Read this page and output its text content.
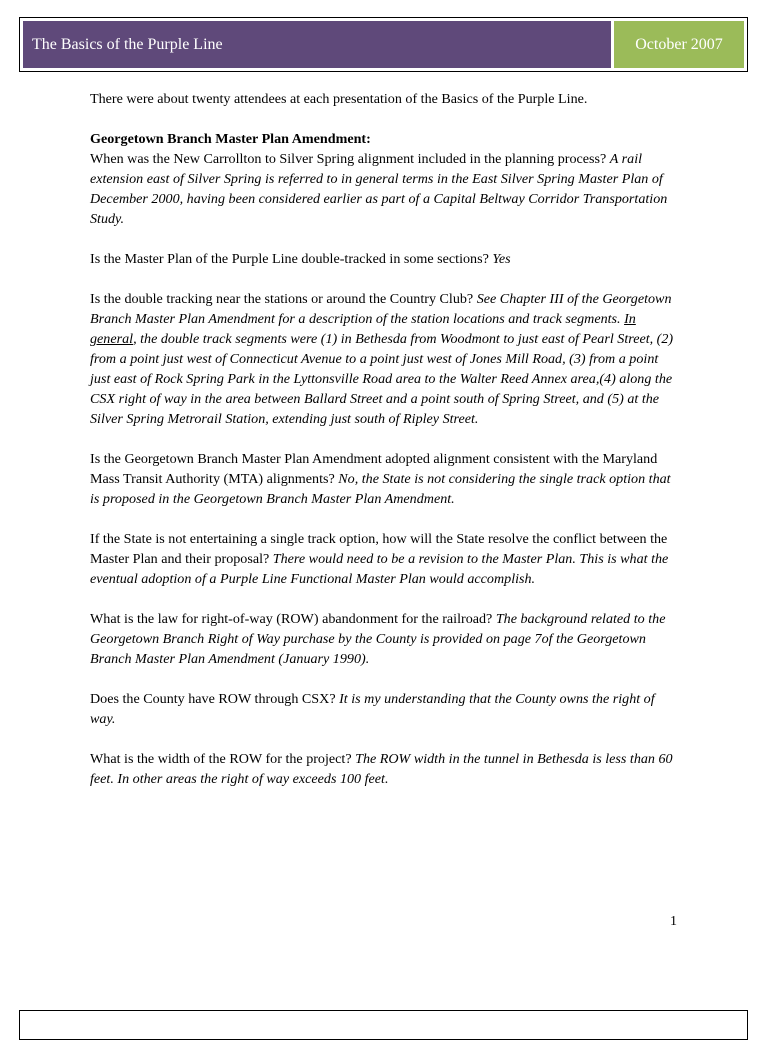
The Basics of the Purple Line	October 2007

There were about twenty attendees at each presentation of the Basics of the Purple Line.

Georgetown Branch Master Plan Amendment:
When was the New Carrollton to Silver Spring alignment included in the planning process? A rail extension east of Silver Spring is referred to in general terms in the East Silver Spring Master Plan of December 2000, having been considered earlier as part of a Capital Beltway Corridor Transportation Study.

Is the Master Plan of the Purple Line double-tracked in some sections? Yes

Is the double tracking near the stations or around the Country Club? See Chapter III of the Georgetown Branch Master Plan Amendment for a description of the station locations and track segments. In general, the double track segments were (1) in Bethesda from Woodmont to just east of Pearl Street, (2) from a point just west of Connecticut Avenue to a point just west of Jones Mill Road, (3) from a point just east of Rock Spring Park in the Lyttonsville Road area to the Walter Reed Annex area,(4) along the CSX right of way in the area between Ballard Street and a point south of Spring Street, and (5) at the Silver Spring Metrorail Station, extending just south of Ripley Street.

Is the Georgetown Branch Master Plan Amendment adopted alignment consistent with the Maryland Mass Transit Authority (MTA) alignments? No, the State is not considering the single track option that is proposed in the Georgetown Branch Master Plan Amendment.

If the State is not entertaining a single track option, how will the State resolve the conflict between the Master Plan and their proposal? There would need to be a revision to the Master Plan. This is what the eventual adoption of a Purple Line Functional Master Plan would accomplish.

What is the law for right-of-way (ROW) abandonment for the railroad? The background related to the Georgetown Branch Right of Way purchase by the County is provided on page 7of the Georgetown Branch Master Plan Amendment (January 1990).

Does the County have ROW through CSX? It is my understanding that the County owns the right of way.

What is the width of the ROW for the project? The ROW width in the tunnel in Bethesda is less than 60 feet. In other areas the right of way exceeds 100 feet.

1
